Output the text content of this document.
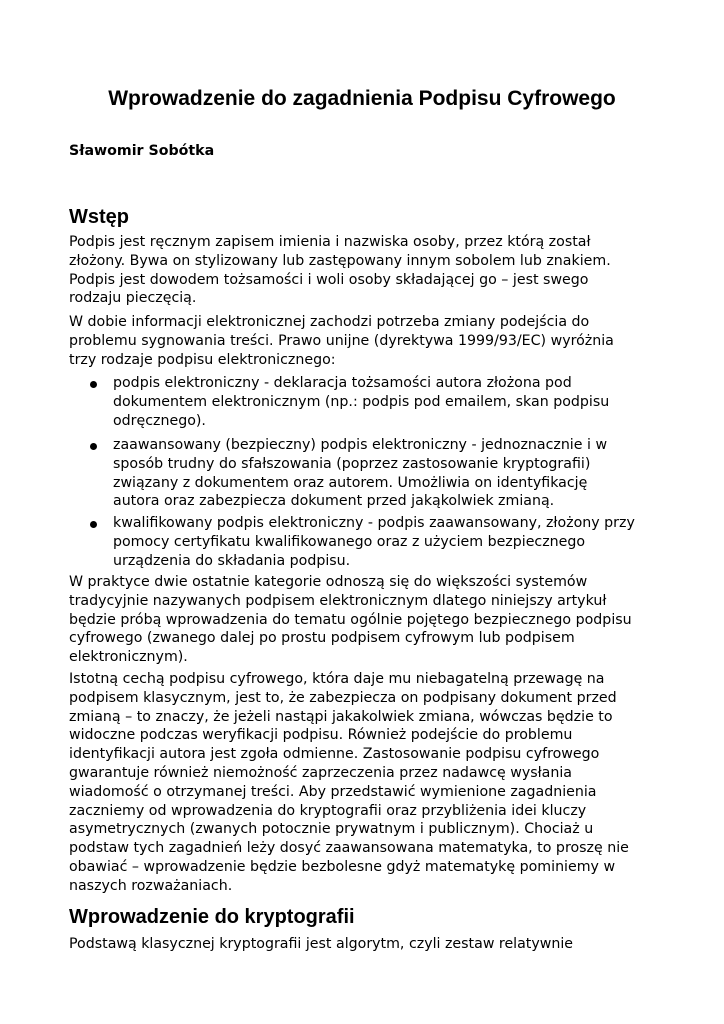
Wprowadzenie do zagadnienia Podpisu Cyfrowego

Sławomir Sobótka

Wstęp

Podpis jest ręcznym zapisem imienia i nazwiska osoby, przez którą został
złożony. Bywa on stylizowany lub zastępowany innym sobolem lub znakiem.
Podpis jest dowodem tożsamości i woli osoby składającej go – jest swego
rodzaju pieczęcią.

W dobie informacji elektronicznej zachodzi potrzeba zmiany podejścia do
problemu sygnowania treści. Prawo unijne (dyrektywa 1999/93/EC) wyróżnia
trzy rodzaje podpisu elektronicznego:

podpis elektroniczny - deklaracja tożsamości autora złożona pod
dokumentem elektronicznym (np.: podpis pod emailem, skan podpisu
odręcznego).
zaawansowany (bezpieczny) podpis elektroniczny - jednoznacznie i w
sposób trudny do sfałszowania (poprzez zastosowanie kryptografii)
związany z dokumentem oraz autorem. Umożliwia on identyfikację
autora oraz zabezpiecza dokument przed jakąkolwiek zmianą.
kwalifikowany podpis elektroniczny - podpis zaawansowany, złożony przy
pomocy certyfikatu kwalifikowanego oraz z użyciem bezpiecznego
urządzenia do składania podpisu.

W praktyce dwie ostatnie kategorie odnoszą się do większości systemów
tradycyjnie nazywanych podpisem elektronicznym dlatego niniejszy artykuł
będzie próbą wprowadzenia do tematu ogólnie pojętego bezpiecznego podpisu
cyfrowego (zwanego dalej po prostu podpisem cyfrowym lub podpisem
elektronicznym).

Istotną cechą podpisu cyfrowego, która daje mu niebagatelną przewagę na
podpisem klasycznym, jest to, że zabezpiecza on podpisany dokument przed
zmianą – to znaczy, że jeżeli nastąpi jakakolwiek zmiana, wówczas będzie to
widoczne podczas weryfikacji podpisu. Również podejście do problemu
identyfikacji autora jest zgoła odmienne. Zastosowanie podpisu cyfrowego
gwarantuje również niemożność zaprzeczenia przez nadawcę wysłania
wiadomość o otrzymanej treści. Aby przedstawić wymienione zagadnienia
zaczniemy od wprowadzenia do kryptografii oraz przybliżenia idei kluczy
asymetrycznych (zwanych potocznie prywatnym i publicznym). Chociaż u
podstaw tych zagadnień leży dosyć zaawansowana matematyka, to proszę nie
obawiać – wprowadzenie będzie bezbolesne gdyż matematykę pominiemy w
naszych rozważaniach.

Wprowadzenie do kryptografii

Podstawą klasycznej kryptografii jest algorytm, czyli zestaw relatywnie
